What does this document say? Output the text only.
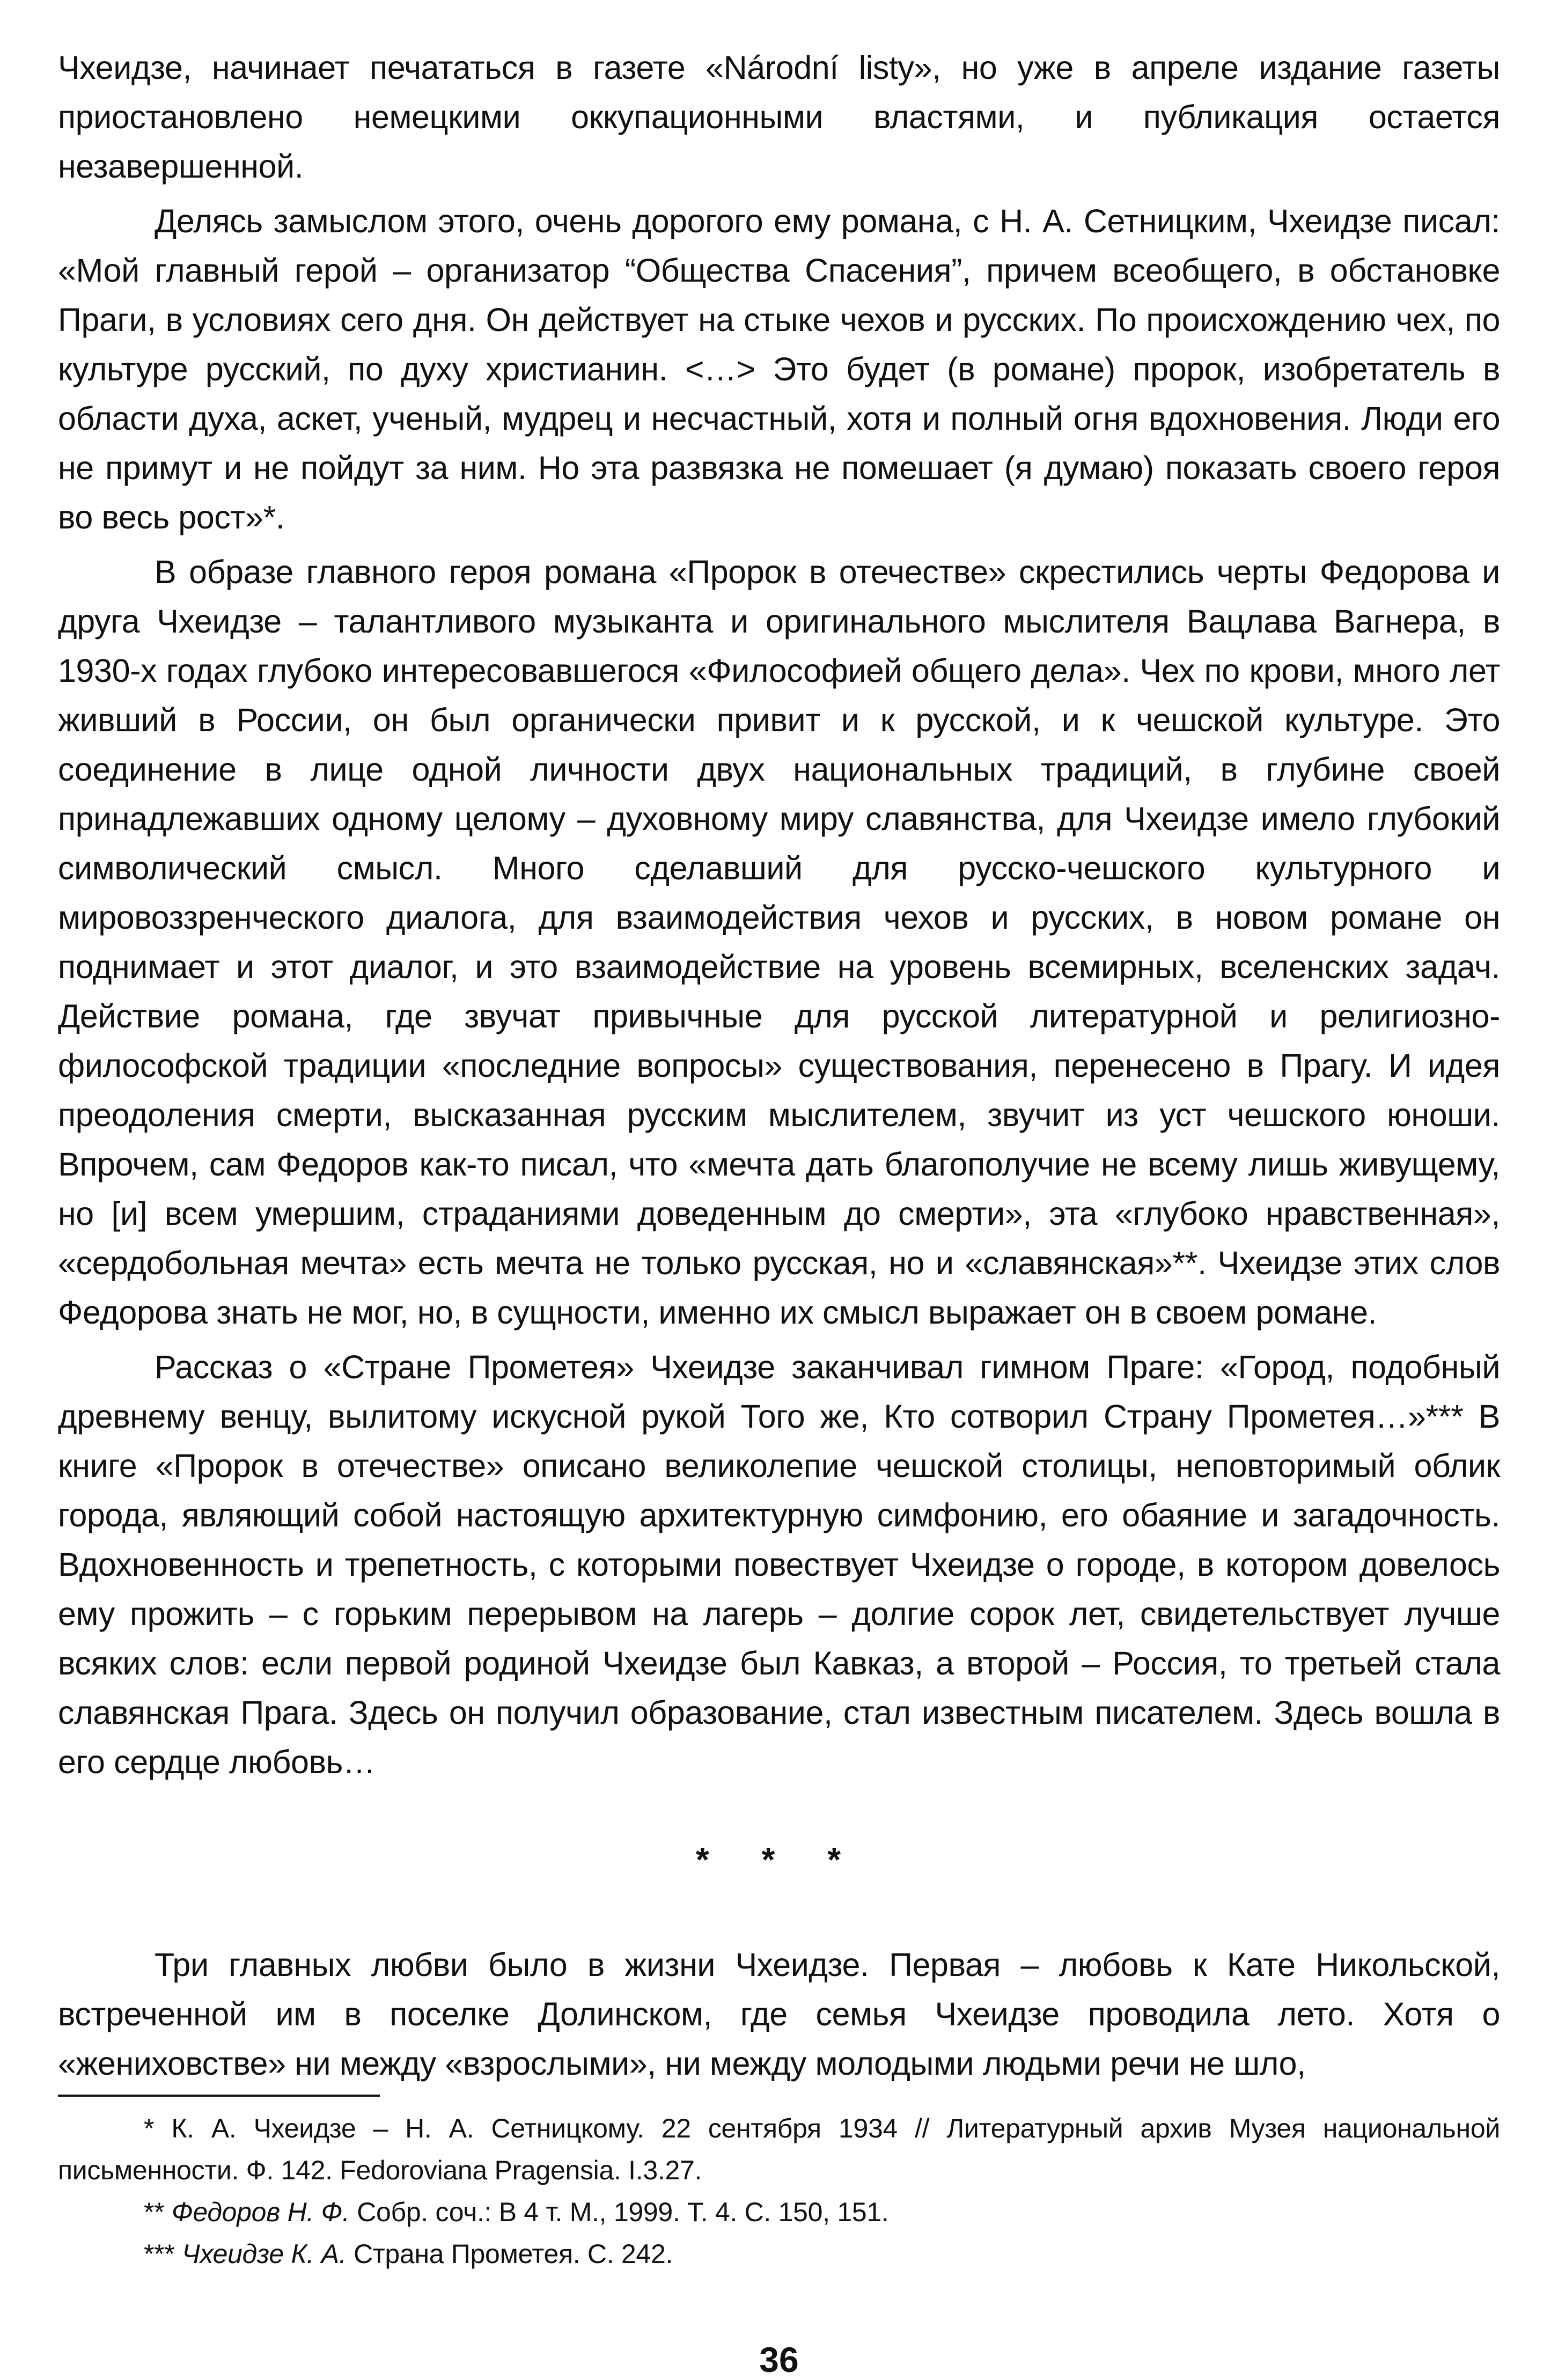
Чхеидзе, начинает печататься в газете «Národní listy», но уже в апреле издание газеты приостановлено немецкими оккупационными властями, и публикация остается незавершенной.

Делясь замыслом этого, очень дорогого ему романа, с Н. А. Сетницким, Чхеидзе писал: «Мой главный герой – организатор “Общества Спасения”, причем всеобщего, в обстановке Праги, в условиях сего дня. Он действует на стыке чехов и русских. По происхождению чех, по культуре русский, по духу христианин. <…> Это будет (в романе) пророк, изобретатель в области духа, аскет, ученый, мудрец и несчастный, хотя и полный огня вдохновения. Люди его не примут и не пойдут за ним. Но эта развязка не помешает (я думаю) показать своего героя во весь рост»*.

В образе главного героя романа «Пророк в отечестве» скрестились черты Федорова и друга Чхеидзе – талантливого музыканта и оригинального мыслителя Вацлава Вагнера, в 1930-х годах глубоко интересовавшегося «Философией общего дела». Чех по крови, много лет живший в России, он был органически привит и к русской, и к чешской культуре. Это соединение в лице одной личности двух национальных традиций, в глубине своей принадлежавших одному целому – духовному миру славянства, для Чхеидзе имело глубокий символический смысл. Много сделавший для русско-чешского культурного и мировоззренческого диалога, для взаимодействия чехов и русских, в новом романе он поднимает и этот диалог, и это взаимодействие на уровень всемирных, вселенских задач. Действие романа, где звучат привычные для русской литературной и религиозно-философской традиции «последние вопросы» существования, перенесено в Прагу. И идея преодоления смерти, высказанная русским мыслителем, звучит из уст чешского юноши. Впрочем, сам Федоров как-то писал, что «мечта дать благополучие не всему лишь живущему, но [и] всем умершим, страданиями доведенным до смерти», эта «глубоко нравственная», «сердобольная мечта» есть мечта не только русская, но и «славянская»**. Чхеидзе этих слов Федорова знать не мог, но, в сущности, именно их смысл выражает он в своем романе.

Рассказ о «Стране Прометея» Чхеидзе заканчивал гимном Праге: «Город, подобный древнему венцу, вылитому искусной рукой Того же, Кто сотворил Страну Прометея…»*** В книге «Пророк в отечестве» описано великолепие чешской столицы, неповторимый облик города, являющий собой настоящую архитектурную симфонию, его обаяние и загадочность. Вдохновенность и трепетность, с которыми повествует Чхеидзе о городе, в котором довелось ему прожить – с горьким перерывом на лагерь – долгие сорок лет, свидетельствует лучше всяких слов: если первой родиной Чхеидзе был Кавказ, а второй – Россия, то третьей стала славянская Прага. Здесь он получил образование, стал известным писателем. Здесь вошла в его сердце любовь…

* * *

Три главных любви было в жизни Чхеидзе. Первая – любовь к Кате Никольской, встреченной им в поселке Долинском, где семья Чхеидзе проводила лето. Хотя о «жениховстве» ни между «взрослыми», ни между молодыми людьми речи не шло,

* К. А. Чхеидзе – Н. А. Сетницкому. 22 сентября 1934 // Литературный архив Музея национальной письменности. Ф. 142. Fedoroviana Pragensia. I.3.27.

** Федоров Н. Ф. Собр. соч.: В 4 т. М., 1999. Т. 4. С. 150, 151.

*** Чхеидзе К. А. Страна Прометея. С. 242.

36
